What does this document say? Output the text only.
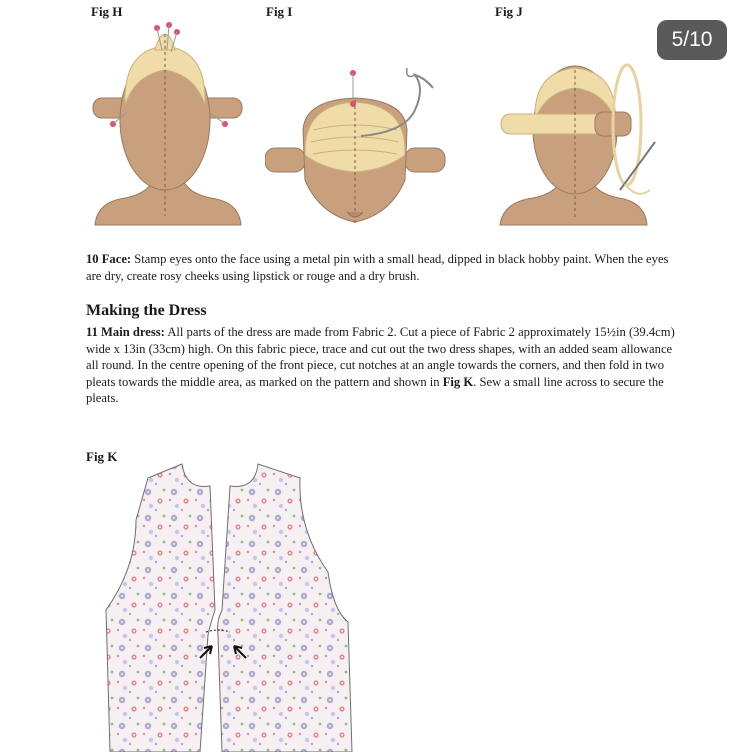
Fig H	Fig I	Fig J
5/10
10 Face: Stamp eyes onto the face using a metal pin with a small head, dipped in black hobby paint. When the eyes are dry, create rosy cheeks using lipstick or rouge and a dry brush.
Making the Dress
11 Main dress: All parts of the dress are made from Fabric 2. Cut a piece of Fabric 2 approximately 15½in (39.4cm) wide x 13in (33cm) high. On this fabric piece, trace and cut out the two dress shapes, with an added seam allowance all round. In the centre opening of the front piece, cut notches at an angle towards the corners, and then fold in two pleats towards the middle area, as marked on the pattern and shown in Fig K. Sew a small line across to secure the pleats.
Fig K
